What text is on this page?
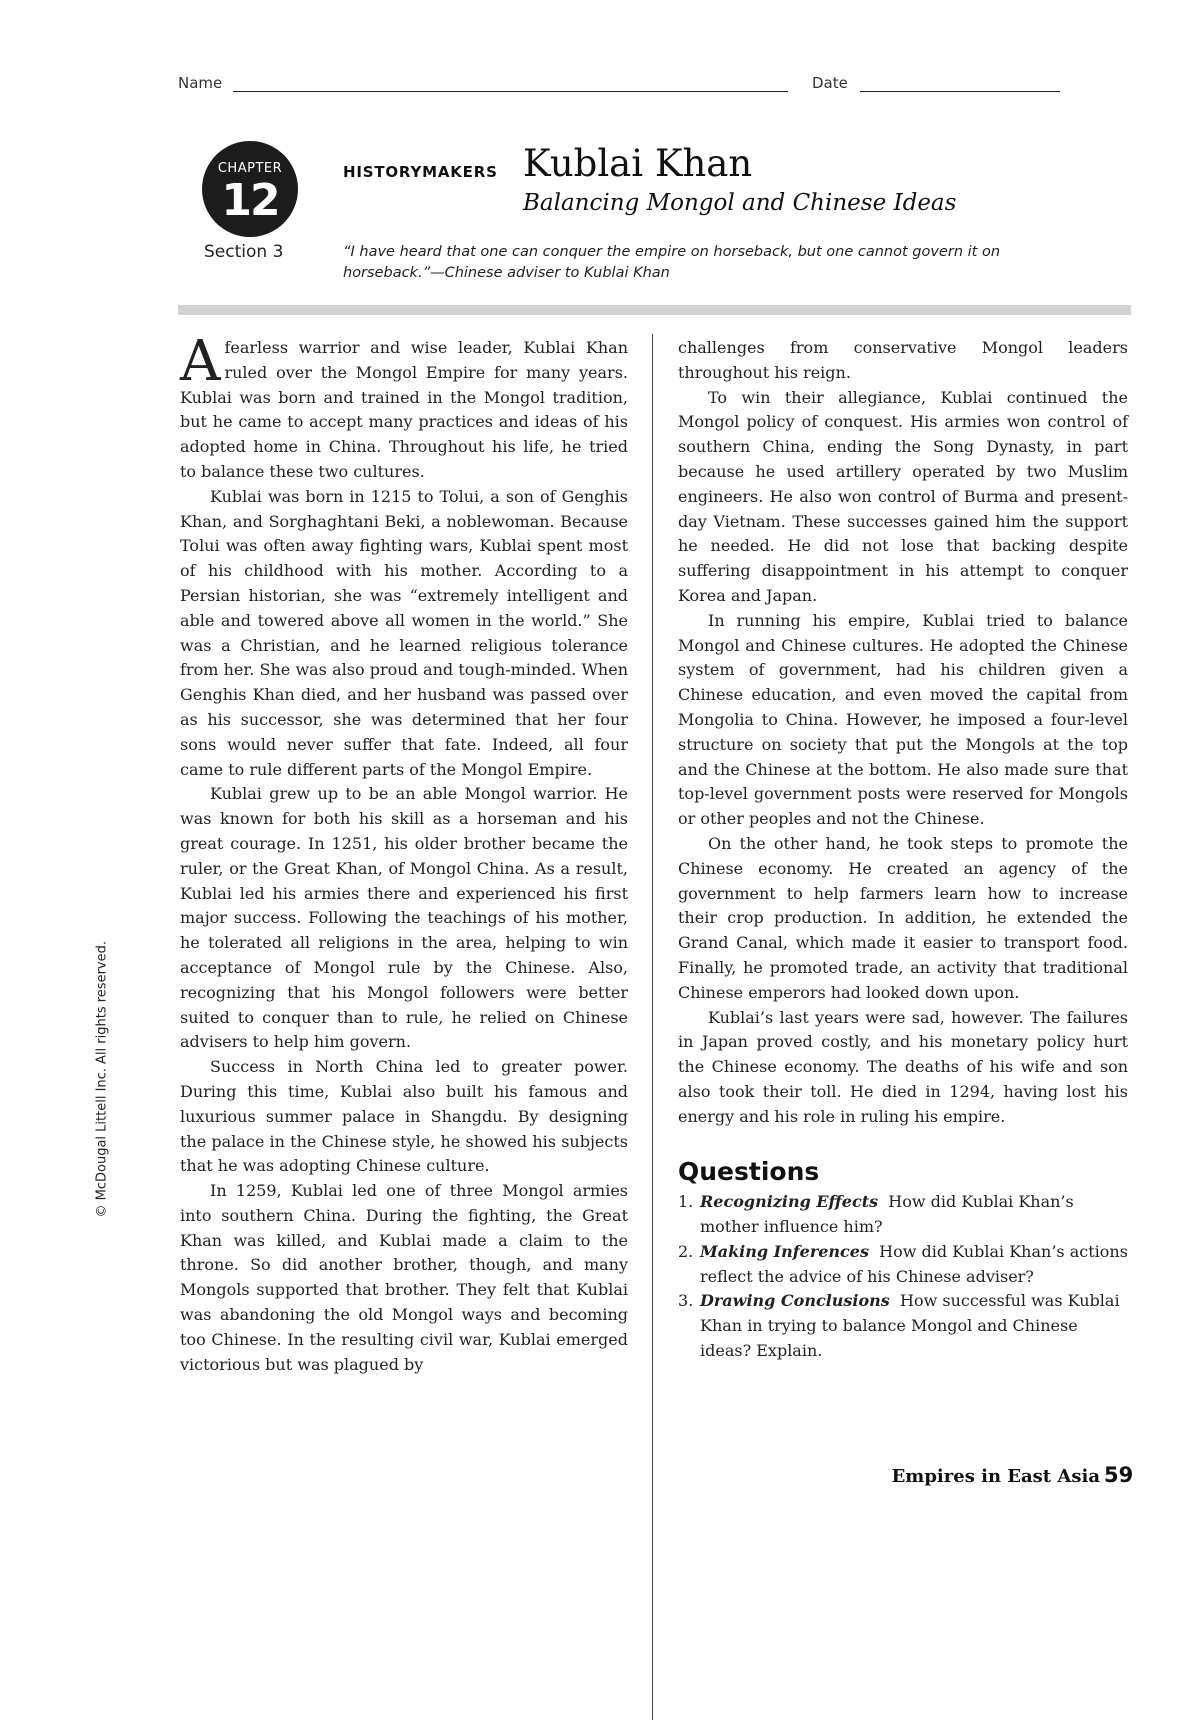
Name	Date
CHAPTER
12
Section 3
HISTORYMAKERS Kublai Khan
Balancing Mongol and Chinese Ideas
“I have heard that one can conquer the empire on horseback, but one cannot govern it on horseback.”—Chinese adviser to Kublai Khan

A fearless warrior and wise leader, Kublai Khan ruled over the Mongol Empire for many years. Kublai was born and trained in the Mongol tradition, but he came to accept many practices and ideas of his adopted home in China. Throughout his life, he tried to balance these two cultures.

Kublai was born in 1215 to Tolui, a son of Genghis Khan, and Sorghaghtani Beki, a noblewoman. Because Tolui was often away fighting wars, Kublai spent most of his childhood with his mother. According to a Persian historian, she was “extremely intelligent and able and towered above all women in the world.” She was a Christian, and he learned religious tolerance from her. She was also proud and tough-minded. When Genghis Khan died, and her husband was passed over as his successor, she was determined that her four sons would never suffer that fate. Indeed, all four came to rule different parts of the Mongol Empire.

Kublai grew up to be an able Mongol warrior. He was known for both his skill as a horseman and his great courage. In 1251, his older brother became the ruler, or the Great Khan, of Mongol China. As a result, Kublai led his armies there and experienced his first major success. Following the teachings of his mother, he tolerated all religions in the area, helping to win acceptance of Mongol rule by the Chinese. Also, recognizing that his Mongol followers were better suited to conquer than to rule, he relied on Chinese advisers to help him govern.

Success in North China led to greater power. During this time, Kublai also built his famous and luxurious summer palace in Shangdu. By designing the palace in the Chinese style, he showed his subjects that he was adopting Chinese culture.

In 1259, Kublai led one of three Mongol armies into southern China. During the fighting, the Great Khan was killed, and Kublai made a claim to the throne. So did another brother, though, and many Mongols supported that brother. They felt that Kublai was abandoning the old Mongol ways and becoming too Chinese. In the resulting civil war, Kublai emerged victorious but was plagued by

challenges from conservative Mongol leaders throughout his reign.

To win their allegiance, Kublai continued the Mongol policy of conquest. His armies won control of southern China, ending the Song Dynasty, in part because he used artillery operated by two Muslim engineers. He also won control of Burma and present-day Vietnam. These successes gained him the support he needed. He did not lose that backing despite suffering disappointment in his attempt to conquer Korea and Japan.

In running his empire, Kublai tried to balance Mongol and Chinese cultures. He adopted the Chinese system of government, had his children given a Chinese education, and even moved the capital from Mongolia to China. However, he imposed a four-level structure on society that put the Mongols at the top and the Chinese at the bottom. He also made sure that top-level government posts were reserved for Mongols or other peoples and not the Chinese.

On the other hand, he took steps to promote the Chinese economy. He created an agency of the government to help farmers learn how to increase their crop production. In addition, he extended the Grand Canal, which made it easier to transport food. Finally, he promoted trade, an activity that traditional Chinese emperors had looked down upon.

Kublai’s last years were sad, however. The failures in Japan proved costly, and his monetary policy hurt the Chinese economy. The deaths of his wife and son also took their toll. He died in 1294, having lost his energy and his role in ruling his empire.

Questions
1. Recognizing Effects How did Kublai Khan’s mother influence him?
2. Making Inferences How did Kublai Khan’s actions reflect the advice of his Chinese adviser?
3. Drawing Conclusions How successful was Kublai Khan in trying to balance Mongol and Chinese ideas? Explain.
© McDougal Littell Inc. All rights reserved.
Empires in East Asia 59
